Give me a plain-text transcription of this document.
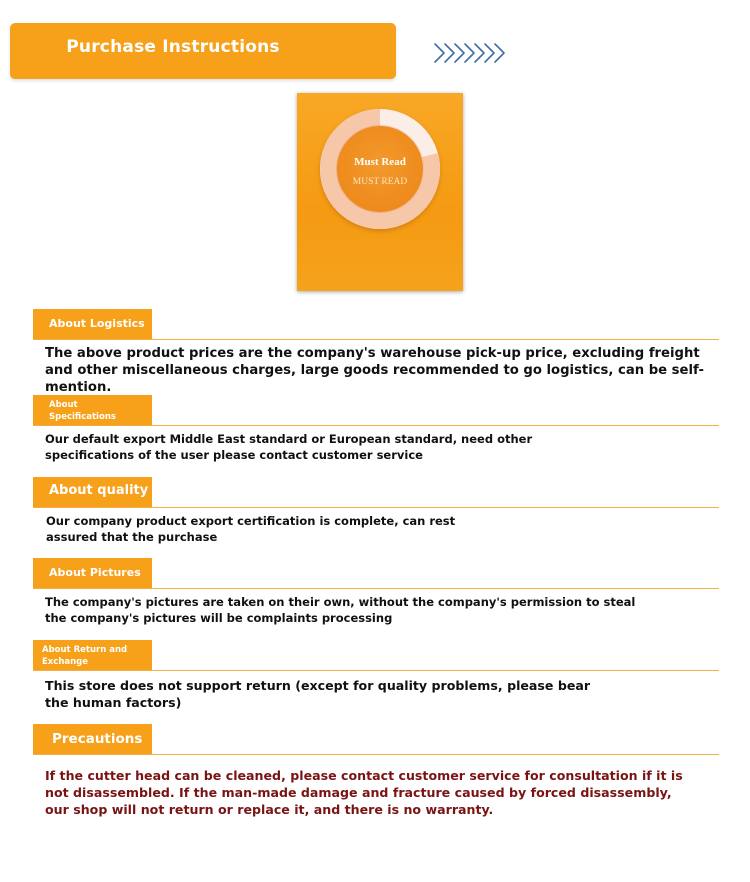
Purchase Instructions
Must Read
MUST READ
About Logistics
The above product prices are the company's warehouse pick-up price, excluding freight and other miscellaneous charges, large goods recommended to go logistics, can be self-mention.
About Specifications
Our default export Middle East standard or European standard, need other specifications of the user please contact customer service
About quality
Our company product export certification is complete, can rest assured that the purchase
About Pictures
The company's pictures are taken on their own, without the company's permission to steal the company's pictures will be complaints processing
About Return and Exchange
This store does not support return (except for quality problems, please bear the human factors)
Precautions
If the cutter head can be cleaned, please contact customer service for consultation if it is not disassembled. If the man-made damage and fracture caused by forced disassembly, our shop will not return or replace it, and there is no warranty.
